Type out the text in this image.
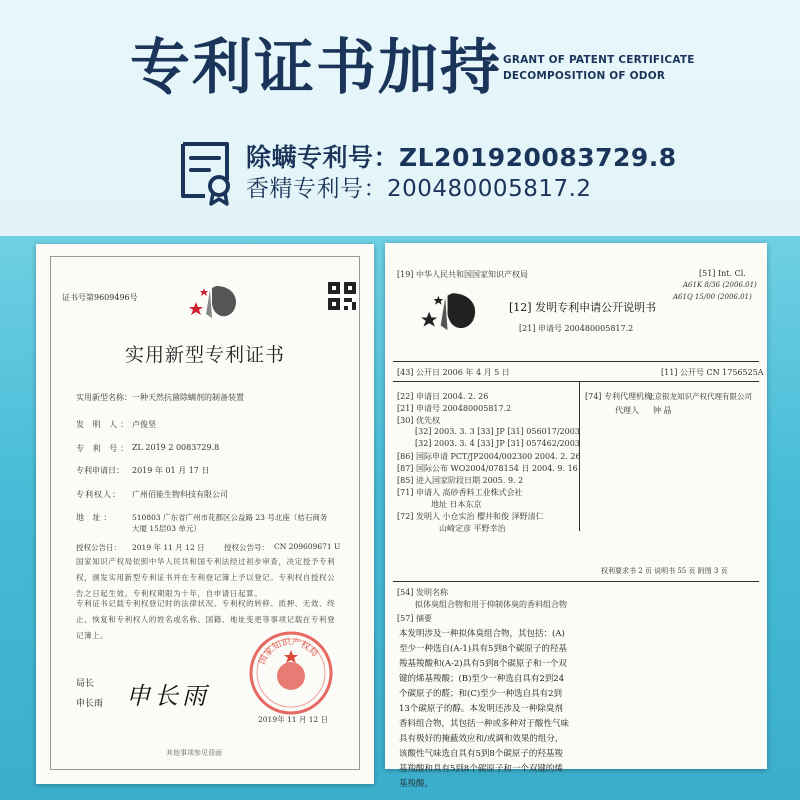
专利证书加持 GRANT OF PATENT CERTIFICATE
DECOMPOSITION OF ODOR
除螨专利号：ZL201920083729.8
香精专利号：200480005817.2
证书号第9609496号
实用新型专利证书
实用新型名称： 一种天然抗菌除螨剂的制备装置
发 明 人： 卢俊坚
专 利 号： ZL 2019 2 0083729.8
专利申请日： 2019 年 01 月 17 日
专利权人： 广州佰能生物科技有限公司
地 址： 510803 广东省广州市花都区公益路 23 号北座（桔石商务
大厦 15层03 单元）
授权公告日： 2019 年 11 月 12 日	授权公告号： CN 209609671 U
国家知识产权局依照中华人民共和国专利法经过初步审查，决定授予专利权，颁发实用新型专利证书并在专利登记簿上予以登记。专利权自授权公告之日起生效。专利权期限为十年，自申请日起算。
专利证书记载专利权登记时的法律状况。专利权的转移、质押、无效、终止、恢复和专利权人的姓名或名称、国籍、地址变更等事项记载在专利登记簿上。
局长 申长雨
申长雨
国家知识产权局
2019年 11 月 12 日
其他事项参见背面
[19] 中华人民共和国国家知识产权局	[51] Int. Cl.
A61K 8/36 (2006.01)
A61Q 15/00 (2006.01)
[12] 发明专利申请公开说明书
[21] 申请号 200480005817.2
[43] 公开日 2006 年 4 月 5 日	[11] 公开号 CN 1756525A
[22] 申请日 2004. 2. 26
[21] 申请号 200480005817.2
[30] 优先权
[32] 2003. 3. 3 [33] JP [31] 056017/2003
[32] 2003. 3. 4 [33] JP [31] 057462/2003
[86] 国际申请 PCT/JP2004/002300 2004. 2. 26
[87] 国际公布 WO2004/078154 日 2004. 9. 16
[85] 进入国家阶段日期 2005. 9. 2
[71] 申请人 高砂香料工业株式会社
地址 日本东京
[72] 发明人 小仓实治 樱井和俊 泽野清仁
山崎定彦 平野幸治
[74] 专利代理机构
北京银龙知识产权代理有限公司
代理人 钟 晶
权利要求书 2 页 说明书 55 页 附图 3 页
[54] 发明名称
拟体臭组合物和用于抑制体臭的香料组合物
[57] 摘要
本发明涉及一种拟体臭组合物，其包括：(A)至少一种选自(A-1)具有5到8个碳原子的羟基羧基羧酸和(A-2)具有5到8个碳原子和一个双键的烯基羧酸；(B)至少一种选自具有2到24个碳原子的醛；和(C)至少一种选自具有2到13个碳原子的醇。本发明还涉及一种除臭剂香料组合物，其包括一种或多种对于酸性气味具有极好的掩蔽效应和/或调和效果的组分，该酸性气味选自具有5到8个碳原子的羟基羧基羧酸和具有5到8个碳原子和一个双键的烯基羧酸。
